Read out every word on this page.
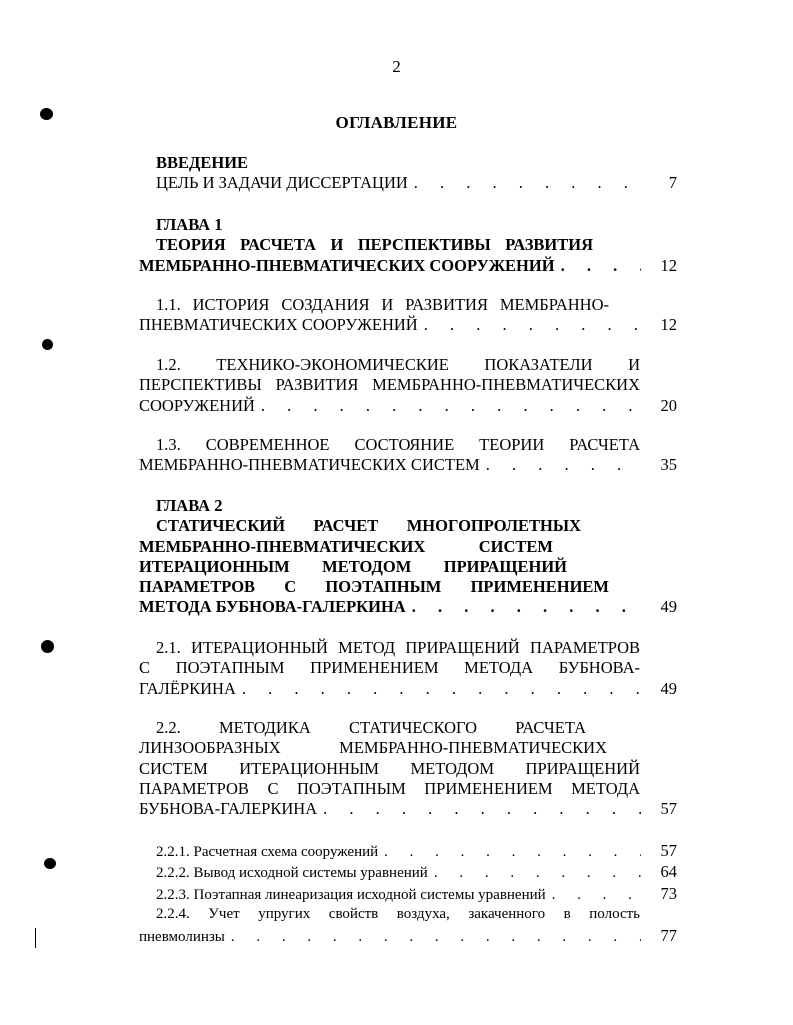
2
ОГЛАВЛЕНИЕ
ВВЕДЕНИЕ
ЦЕЛЬ И ЗАДАЧИ ДИССЕРТАЦИИ . . .	7
ГЛАВА 1
ТЕОРИЯ РАСЧЕТА И ПЕРСПЕКТИВЫ РАЗВИТИЯ
МЕМБРАННО-ПНЕВМАТИЧЕСКИХ СООРУЖЕНИЙ . . .	12
1.1. ИСТОРИЯ СОЗДАНИЯ И РАЗВИТИЯ МЕМБРАННО-
ПНЕВМАТИЧЕСКИХ СООРУЖЕНИЙ . . .	12
1.2. ТЕХНИКО-ЭКОНОМИЧЕСКИЕ ПОКАЗАТЕЛИ И
ПЕРСПЕКТИВЫ РАЗВИТИЯ МЕМБРАННО-ПНЕВМАТИЧЕСКИХ
СООРУЖЕНИЙ . . .	20
1.3. СОВРЕМЕННОЕ СОСТОЯНИЕ ТЕОРИИ РАСЧЕТА
МЕМБРАННО-ПНЕВМАТИЧЕСКИХ СИСТЕМ . . .	35
ГЛАВА 2
СТАТИЧЕСКИЙ РАСЧЕТ МНОГОПРОЛЕТНЫХ
МЕМБРАННО-ПНЕВМАТИЧЕСКИХ СИСТЕМ
ИТЕРАЦИОННЫМ МЕТОДОМ ПРИРАЩЕНИЙ
ПАРАМЕТРОВ С ПОЭТАПНЫМ ПРИМЕНЕНИЕМ
МЕТОДА БУБНОВА-ГАЛЕРКИНА . . .	49
2.1. ИТЕРАЦИОННЫЙ МЕТОД ПРИРАЩЕНИЙ ПАРАМЕТРОВ
С ПОЭТАПНЫМ ПРИМЕНЕНИЕМ МЕТОДА БУБНОВА-
ГАЛЁРКИНА . . .	49
2.2. МЕТОДИКА СТАТИЧЕСКОГО РАСЧЕТА
ЛИНЗООБРАЗНЫХ МЕМБРАННО-ПНЕВМАТИЧЕСКИХ
СИСТЕМ ИТЕРАЦИОННЫМ МЕТОДОМ ПРИРАЩЕНИЙ
ПАРАМЕТРОВ С ПОЭТАПНЫМ ПРИМЕНЕНИЕМ МЕТОДА
БУБНОВА-ГАЛЕРКИНА . . .	57
2.2.1. Расчетная схема сооружений . . .	57
2.2.2. Вывод исходной системы уравнений . . .	64
2.2.3. Поэтапная линеаризация исходной системы уравнений . . .	73
2.2.4. Учет упругих свойств воздуха, закаченного в полость
пневмолинзы . . .	77
